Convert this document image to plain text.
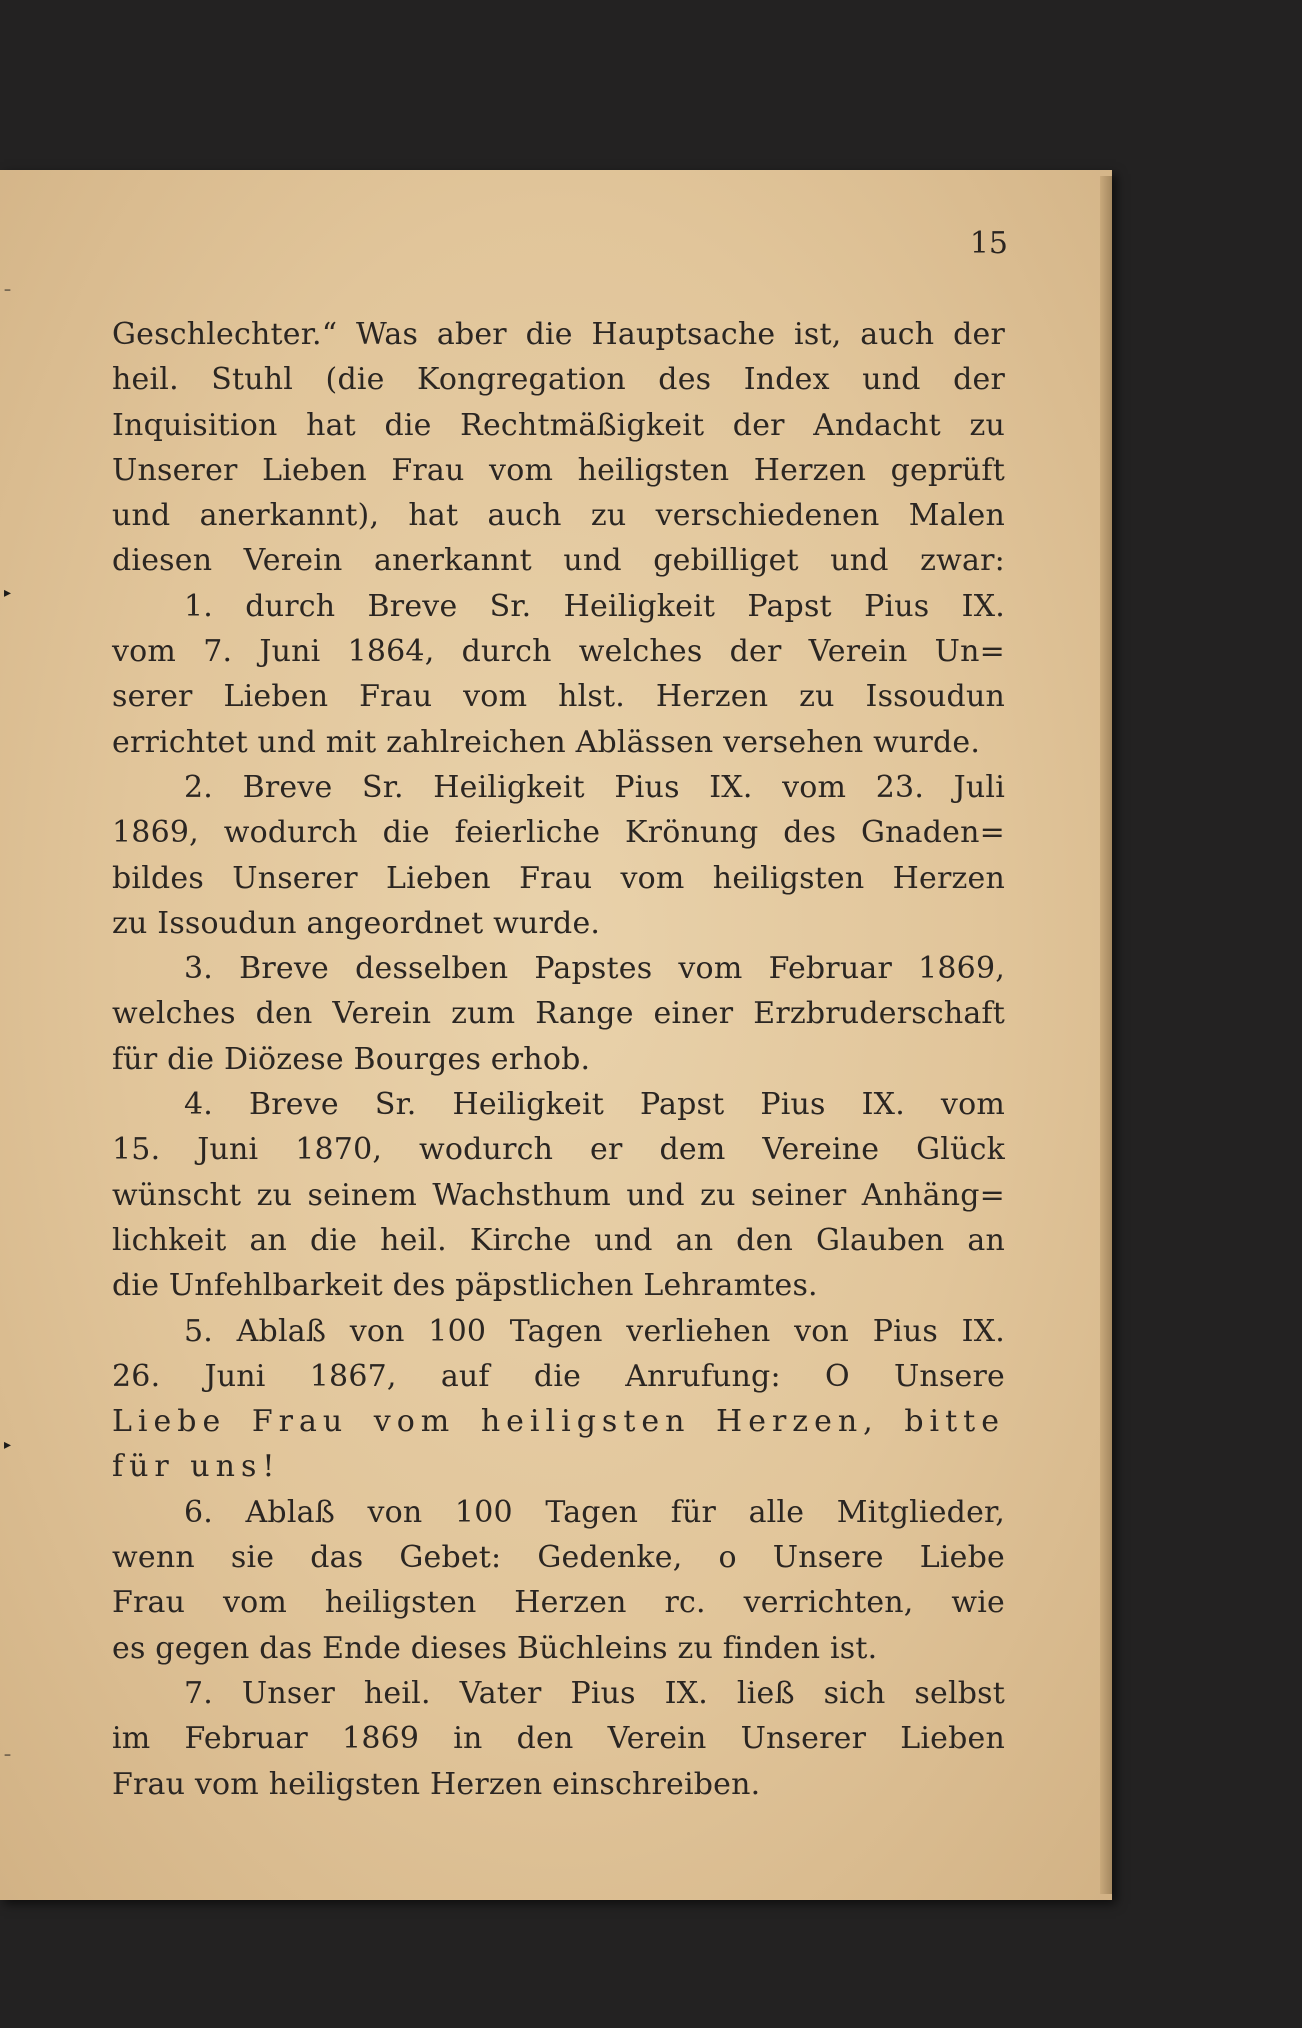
15
Geschlechter.“ Was aber die Hauptsache ist, auch der
heil. Stuhl (die Kongregation des Index und der
Inquisition hat die Rechtmäßigkeit der Andacht zu
Unserer Lieben Frau vom heiligsten Herzen geprüft
und anerkannt), hat auch zu verschiedenen Malen
diesen Verein anerkannt und gebilliget und zwar:
1. durch Breve Sr. Heiligkeit Papst Pius IX.
vom 7. Juni 1864, durch welches der Verein Un=
serer Lieben Frau vom hlst. Herzen zu Issoudun
errichtet und mit zahlreichen Ablässen versehen wurde.
2. Breve Sr. Heiligkeit Pius IX. vom 23. Juli
1869, wodurch die feierliche Krönung des Gnaden=
bildes Unserer Lieben Frau vom heiligsten Herzen
zu Issoudun angeordnet wurde.
3. Breve desselben Papstes vom Februar 1869,
welches den Verein zum Range einer Erzbruderschaft
für die Diözese Bourges erhob.
4. Breve Sr. Heiligkeit Papst Pius IX. vom
15. Juni 1870, wodurch er dem Vereine Glück
wünscht zu seinem Wachsthum und zu seiner Anhäng=
lichkeit an die heil. Kirche und an den Glauben an
die Unfehlbarkeit des päpstlichen Lehramtes.
5. Ablaß von 100 Tagen verliehen von Pius IX.
26. Juni 1867, auf die Anrufung: O Unsere
Liebe Frau vom heiligsten Herzen, bitte
für uns!
6. Ablaß von 100 Tagen für alle Mitglieder,
wenn sie das Gebet: Gedenke, o Unsere Liebe
Frau vom heiligsten Herzen rc. verrichten, wie
es gegen das Ende dieses Büchleins zu finden ist.
7. Unser heil. Vater Pius IX. ließ sich selbst
im Februar 1869 in den Verein Unserer Lieben
Frau vom heiligsten Herzen einschreiben.
–
▸
▸
–
